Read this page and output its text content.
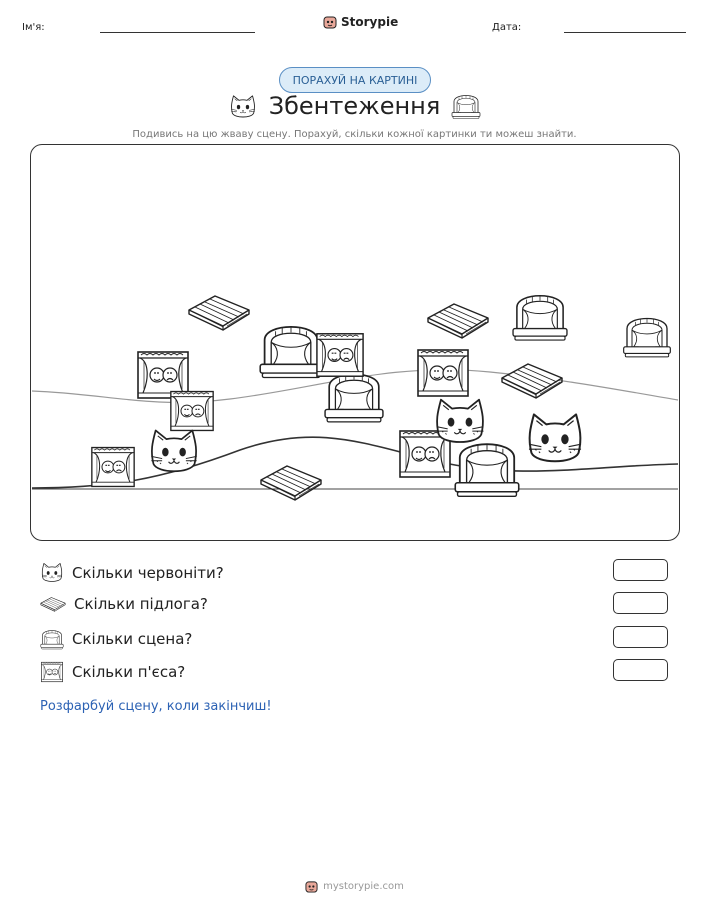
Ім'я:	Storypie	Дата:
ПОРАХУЙ НА КАРТИНІ
Збентеження
Подивись на цю жваву сцену. Порахуй, скільки кожної картинки ти можеш знайти.
Скільки червоніти?
Скільки підлога?
Скільки сцена?
Скільки п'єса?
Розфарбуй сцену, коли закінчиш!
mystorypie.com
